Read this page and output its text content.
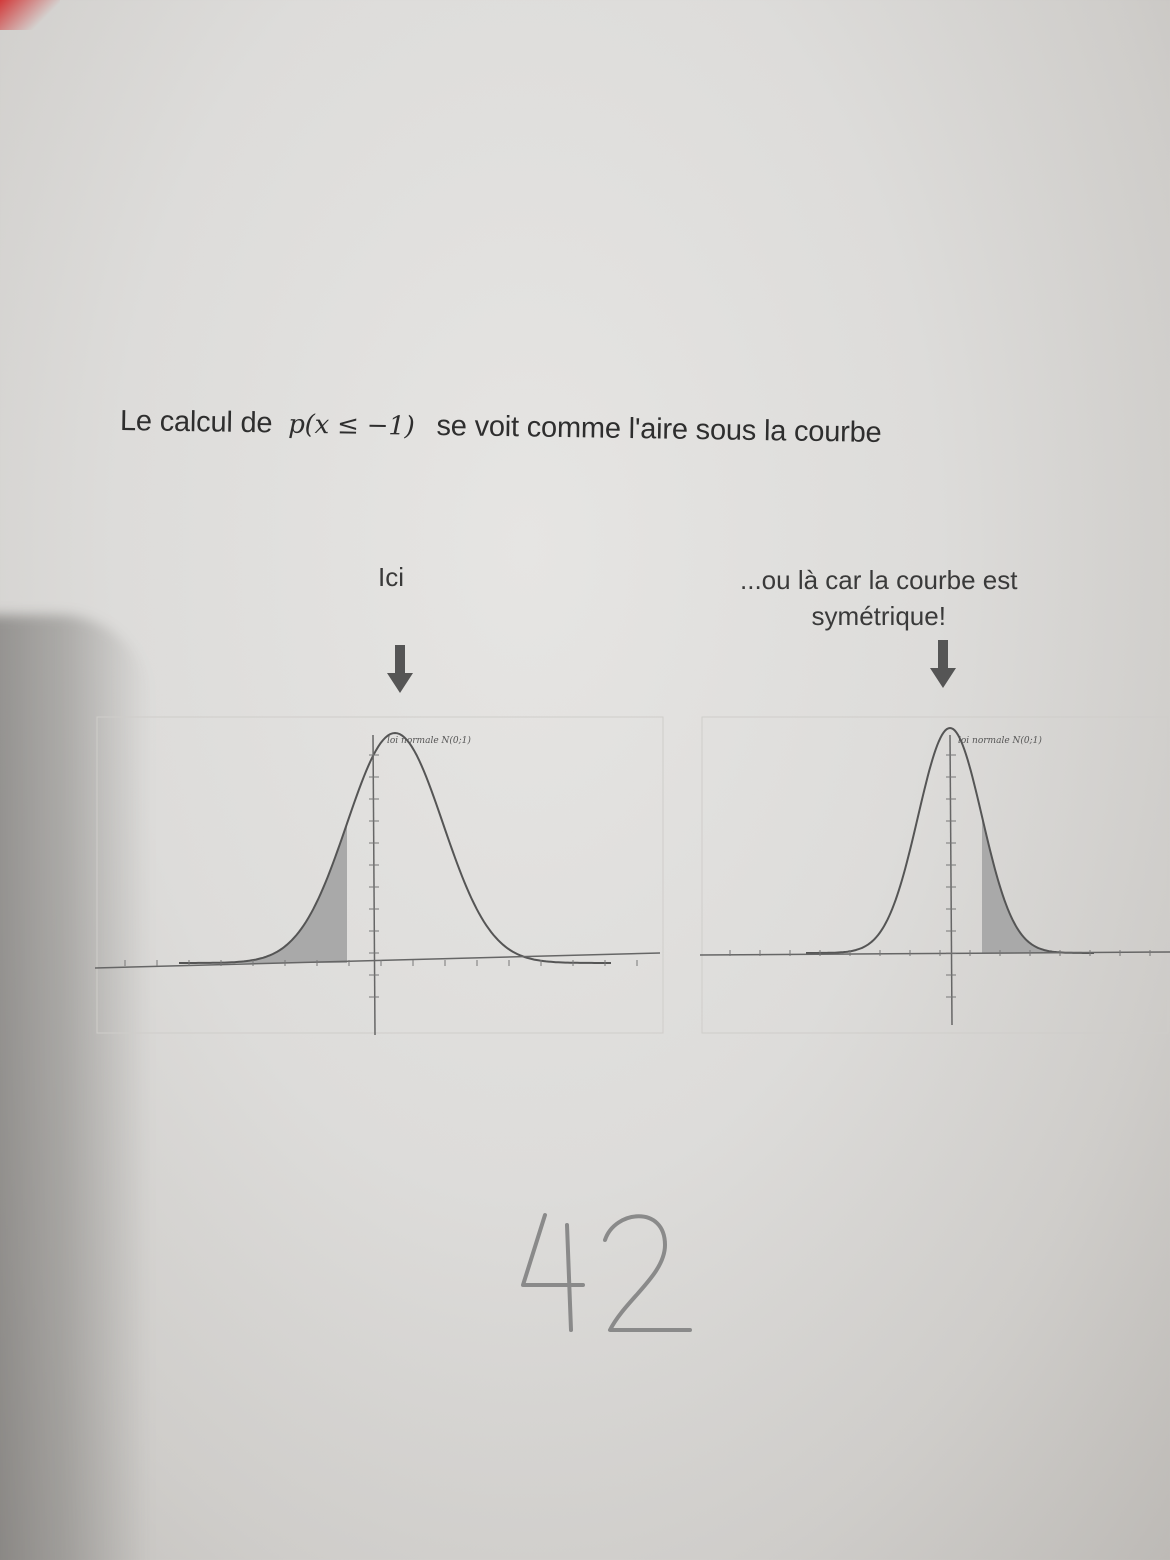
Le calcul de p(x ≤ −1) se voit comme l'aire sous la courbe
Ici	...ou là car la courbe est
symétrique!
loi normale N(0;1)	loi normale N(0;1)
